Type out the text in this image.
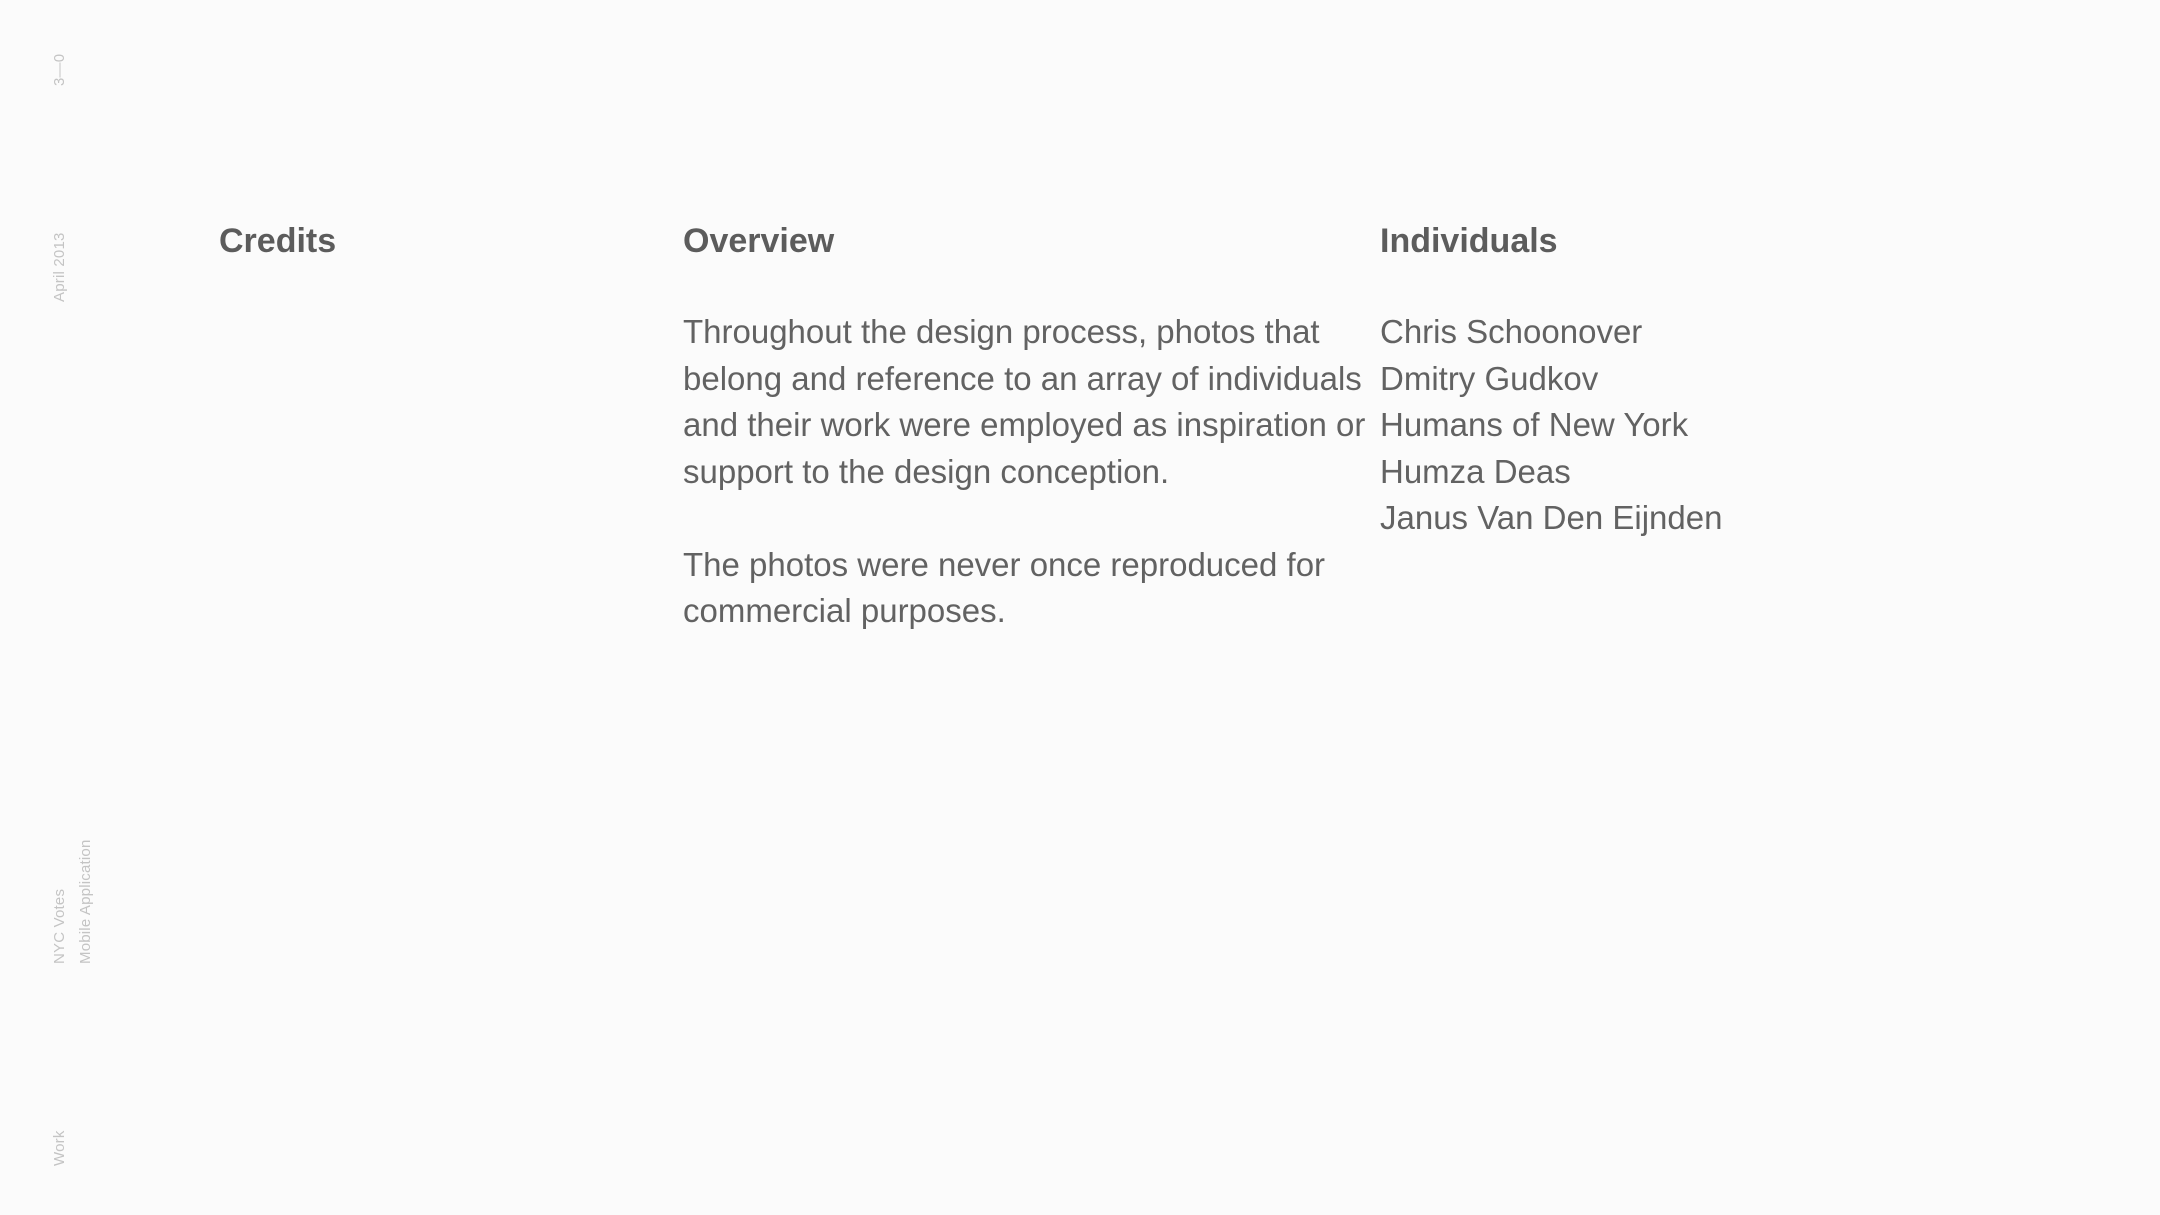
3—0
April 2013
NYC Votes Mobile Application
Work
Credits	Overview

Throughout the design process, photos that belong and reference to an array of individuals and their work were employed as inspiration or support to the design conception.

The photos were never once reproduced for commercial purposes.

Individuals
Chris Schoonover
Dmitry Gudkov
Humans of New York
Humza Deas
Janus Van Den Eijnden
